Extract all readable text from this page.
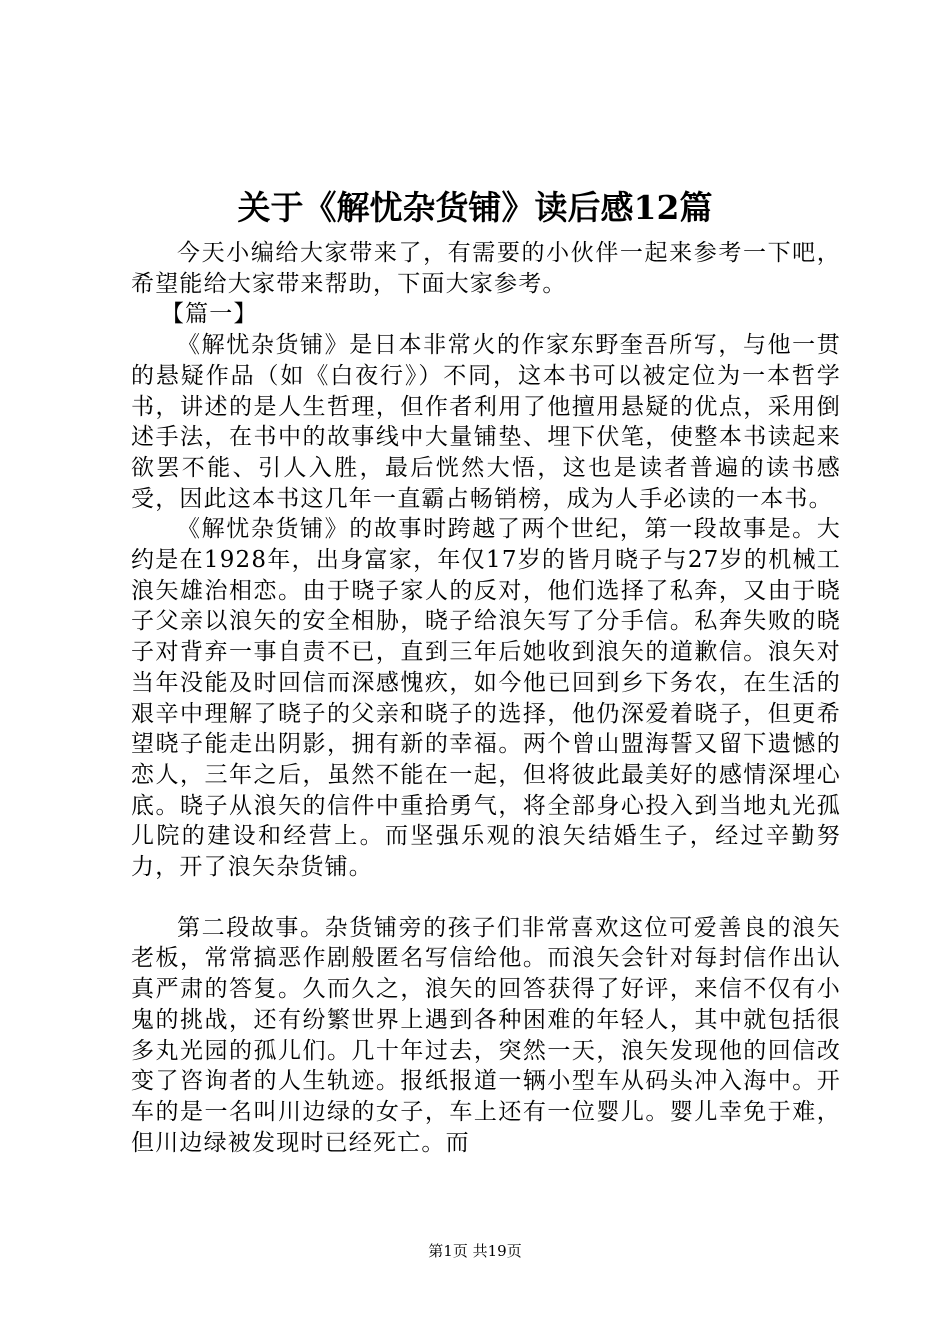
关于《解忧杂货铺》读后感12篇

今天小编给大家带来了，有需要的小伙伴一起来参考一下吧，希望能给大家带来帮助，下面大家参考。

【篇一】

《解忧杂货铺》是日本非常火的作家东野奎吾所写，与他一贯的悬疑作品（如《白夜行》）不同，这本书可以被定位为一本哲学书，讲述的是人生哲理，但作者利用了他擅用悬疑的优点，采用倒述手法，在书中的故事线中大量铺垫、埋下伏笔，使整本书读起来欲罢不能、引人入胜，最后恍然大悟，这也是读者普遍的读书感受，因此这本书这几年一直霸占畅销榜，成为人手必读的一本书。

《解忧杂货铺》的故事时跨越了两个世纪，第一段故事是。大约是在1928年，出身富家，年仅17岁的皆月晓子与27岁的机械工浪矢雄治相恋。由于晓子家人的反对，他们选择了私奔，又由于晓子父亲以浪矢的安全相胁，晓子给浪矢写了分手信。私奔失败的晓子对背弃一事自责不已，直到三年后她收到浪矢的道歉信。浪矢对当年没能及时回信而深感愧疚，如今他已回到乡下务农，在生活的艰辛中理解了晓子的父亲和晓子的选择，他仍深爱着晓子，但更希望晓子能走出阴影，拥有新的幸福。两个曾山盟海誓又留下遗憾的恋人，三年之后，虽然不能在一起，但将彼此最美好的感情深埋心底。晓子从浪矢的信件中重拾勇气，将全部身心投入到当地丸光孤儿院的建设和经营上。而坚强乐观的浪矢结婚生子，经过辛勤努力，开了浪矢杂货铺。

第二段故事。杂货铺旁的孩子们非常喜欢这位可爱善良的浪矢老板，常常搞恶作剧般匿名写信给他。而浪矢会针对每封信作出认真严肃的答复。久而久之，浪矢的回答获得了好评，来信不仅有小鬼的挑战，还有纷繁世界上遇到各种困难的年轻人，其中就包括很多丸光园的孤儿们。几十年过去，突然一天，浪矢发现他的回信改变了咨询者的人生轨迹。报纸报道一辆小型车从码头冲入海中。开车的是一名叫川边绿的女子，车上还有一位婴儿。婴儿幸免于难，但川边绿被发现时已经死亡。而

第1页 共19页
